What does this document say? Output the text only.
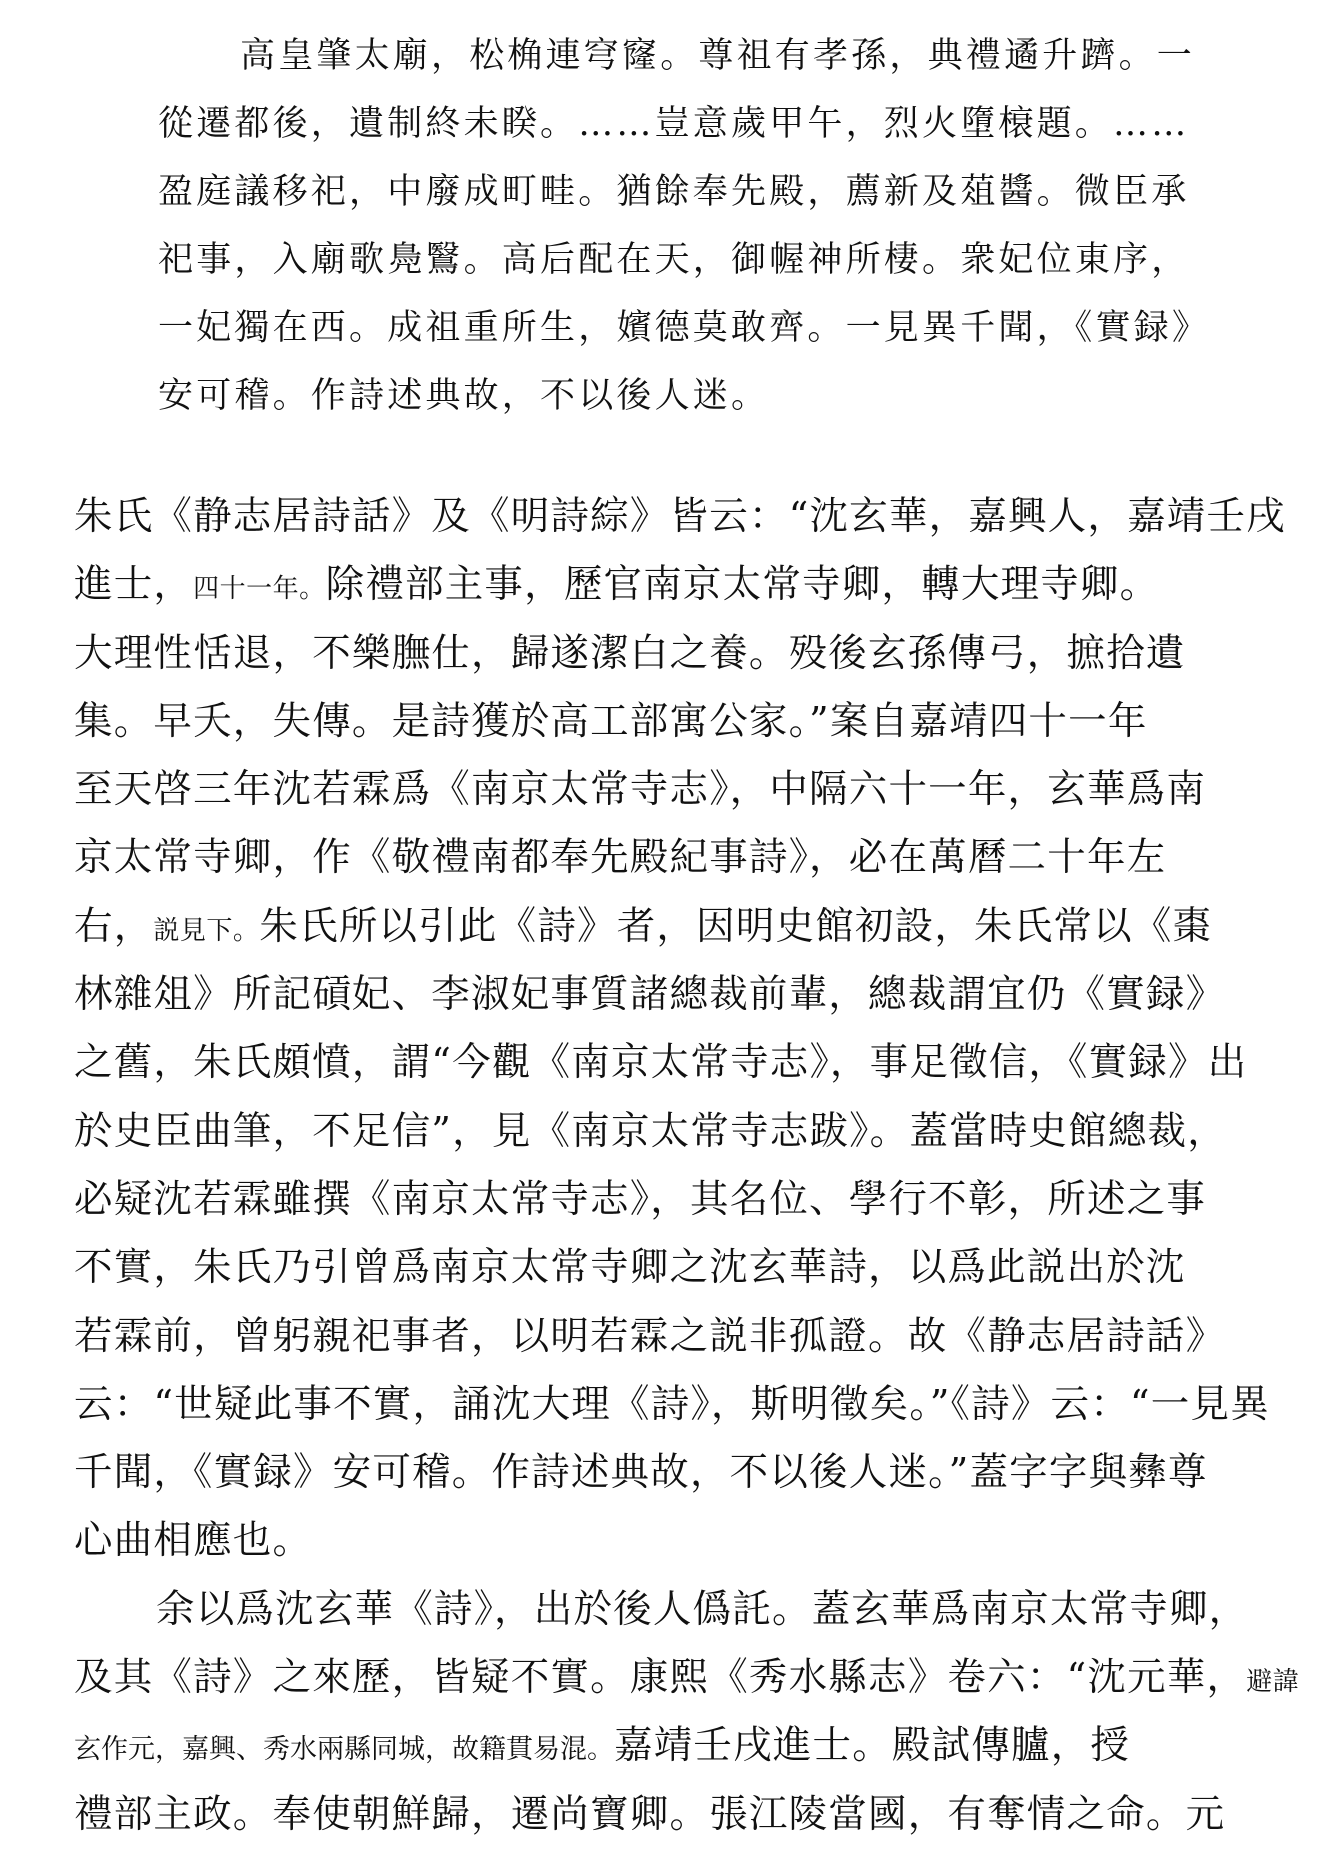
高皇肇太廟，松桷連穹窿。尊祖有孝孫，典禮遹升躋。一
從遷都後，遺制終未睽。……豈意歲甲午，烈火墮榱題。……
盈庭議移祀，中廢成町畦。猶餘奉先殿，薦新及葅醬。微臣承
祀事，入廟歌鳧鷖。高后配在天，御幄神所棲。衆妃位東序，
一妃獨在西。成祖重所生，嬪德莫敢齊。一見異千聞，《實録》
安可稽。作詩述典故，不以後人迷。
朱氏《静志居詩話》及《明詩綜》皆云：“沈玄華，嘉興人，嘉靖壬戌
進士，四十一年。除禮部主事，歷官南京太常寺卿，轉大理寺卿。
大理性恬退，不樂膴仕，歸遂潔白之養。殁後玄孫傳弓，摭拾遺
集。早夭，失傳。是詩獲於高工部寓公家。”案自嘉靖四十一年
至天啓三年沈若霖爲《南京太常寺志》，中隔六十一年，玄華爲南
京太常寺卿，作《敬禮南都奉先殿紀事詩》，必在萬曆二十年左
右，説見下。朱氏所以引此《詩》者，因明史館初設，朱氏常以《棗
林雜俎》所記碽妃、李淑妃事質諸總裁前輩，總裁謂宜仍《實録》
之舊，朱氏頗憤，謂“今觀《南京太常寺志》，事足徵信，《實録》出
於史臣曲筆，不足信”，見《南京太常寺志跋》。蓋當時史館總裁，
必疑沈若霖雖撰《南京太常寺志》，其名位、學行不彰，所述之事
不實，朱氏乃引曾爲南京太常寺卿之沈玄華詩，以爲此説出於沈
若霖前，曾躬親祀事者，以明若霖之説非孤證。故《静志居詩話》
云：“世疑此事不實，誦沈大理《詩》，斯明徵矣。”《詩》云：“一見異
千聞，《實録》安可稽。作詩述典故，不以後人迷。”蓋字字與彝尊
心曲相應也。
余以爲沈玄華《詩》，出於後人僞託。蓋玄華爲南京太常寺卿，
及其《詩》之來歷，皆疑不實。康熙《秀水縣志》卷六：“沈元華，避諱
玄作元，嘉興、秀水兩縣同城，故籍貫易混。嘉靖壬戌進士。殿試傳臚，授
禮部主政。奉使朝鮮歸，遷尚寶卿。張江陵當國，有奪情之命。元
